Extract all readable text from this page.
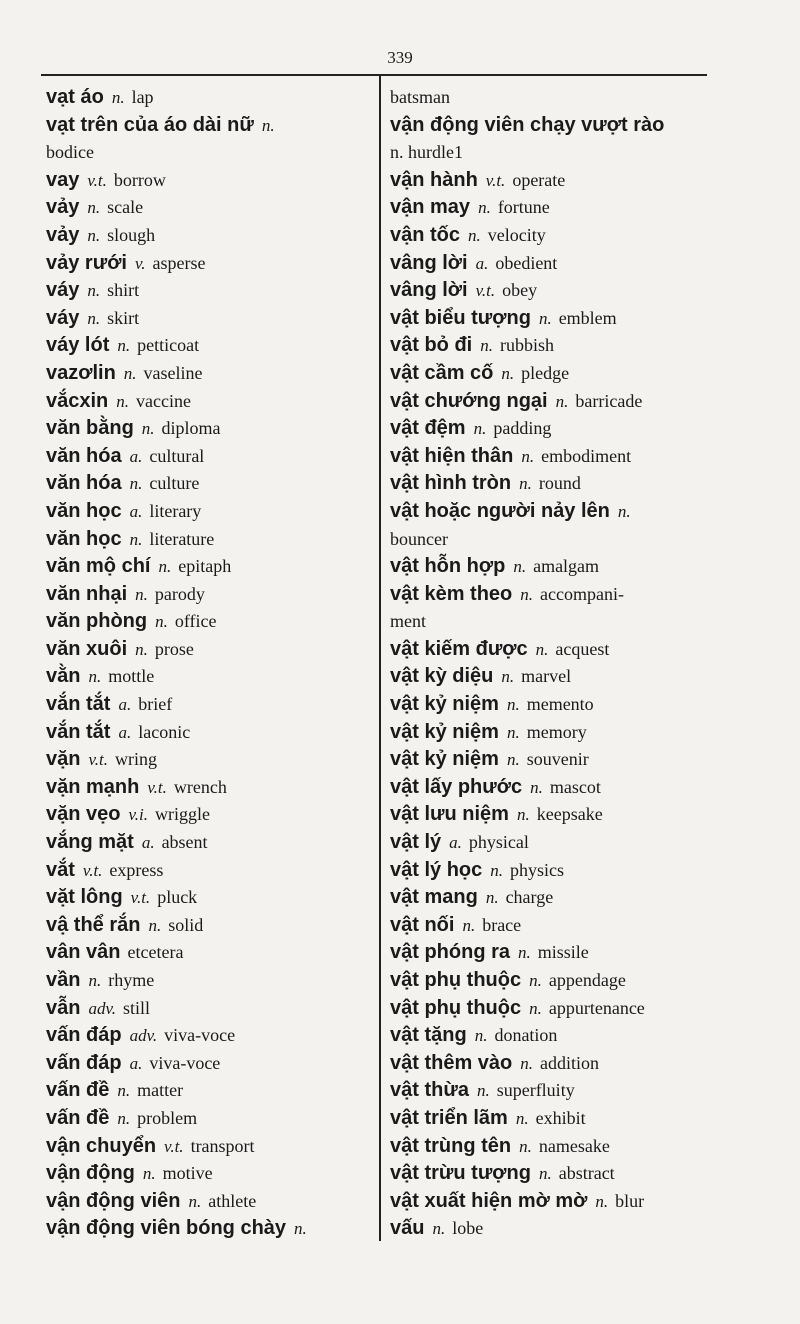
339
vạt áo n. lap
vạt trên của áo dài nữ n.
bodice
vay v.t. borrow
vảy n. scale
vảy n. slough
vảy rưới v. asperse
váy n. shirt
váy n. skirt
váy lót n. petticoat
vazơlin n. vaseline
vắcxin n. vaccine
văn bằng n. diploma
văn hóa a. cultural
văn hóa n. culture
văn học a. literary
văn học n. literature
văn mộ chí n. epitaph
văn nhại n. parody
văn phòng n. office
văn xuôi n. prose
vằn n. mottle
vắn tắt a. brief
vắn tắt a. laconic
vặn v.t. wring
vặn mạnh v.t. wrench
vặn vẹo v.i. wriggle
vắng mặt a. absent
vắt v.t. express
vặt lông v.t. pluck
vậ thể rắn n. solid
vân vân etcetera
vần n. rhyme
vẫn adv. still
vấn đáp adv. viva-voce
vấn đáp a. viva-voce
vấn đề n. matter
vấn đề n. problem
vận chuyển v.t. transport
vận động n. motive
vận động viên n. athlete
vận động viên bóng chày n.
batsman
vận động viên chạy vượt rào
n. hurdle1
vận hành v.t. operate
vận may n. fortune
vận tốc n. velocity
vâng lời a. obedient
vâng lời v.t. obey
vật biểu tượng n. emblem
vật bỏ đi n. rubbish
vật cầm cố n. pledge
vật chướng ngại n. barricade
vật đệm n. padding
vật hiện thân n. embodiment
vật hình tròn n. round
vật hoặc người nảy lên n.
bouncer
vật hỗn hợp n. amalgam
vật kèm theo n. accompani-
ment
vật kiếm được n. acquest
vật kỳ diệu n. marvel
vật kỷ niệm n. memento
vật kỷ niệm n. memory
vật kỷ niệm n. souvenir
vật lấy phước n. mascot
vật lưu niệm n. keepsake
vật lý a. physical
vật lý học n. physics
vật mang n. charge
vật nối n. brace
vật phóng ra n. missile
vật phụ thuộc n. appendage
vật phụ thuộc n. appurtenance
vật tặng n. donation
vật thêm vào n. addition
vật thừa n. superfluity
vật triển lãm n. exhibit
vật trùng tên n. namesake
vật trừu tượng n. abstract
vật xuất hiện mờ mờ n. blur
vấu n. lobe
